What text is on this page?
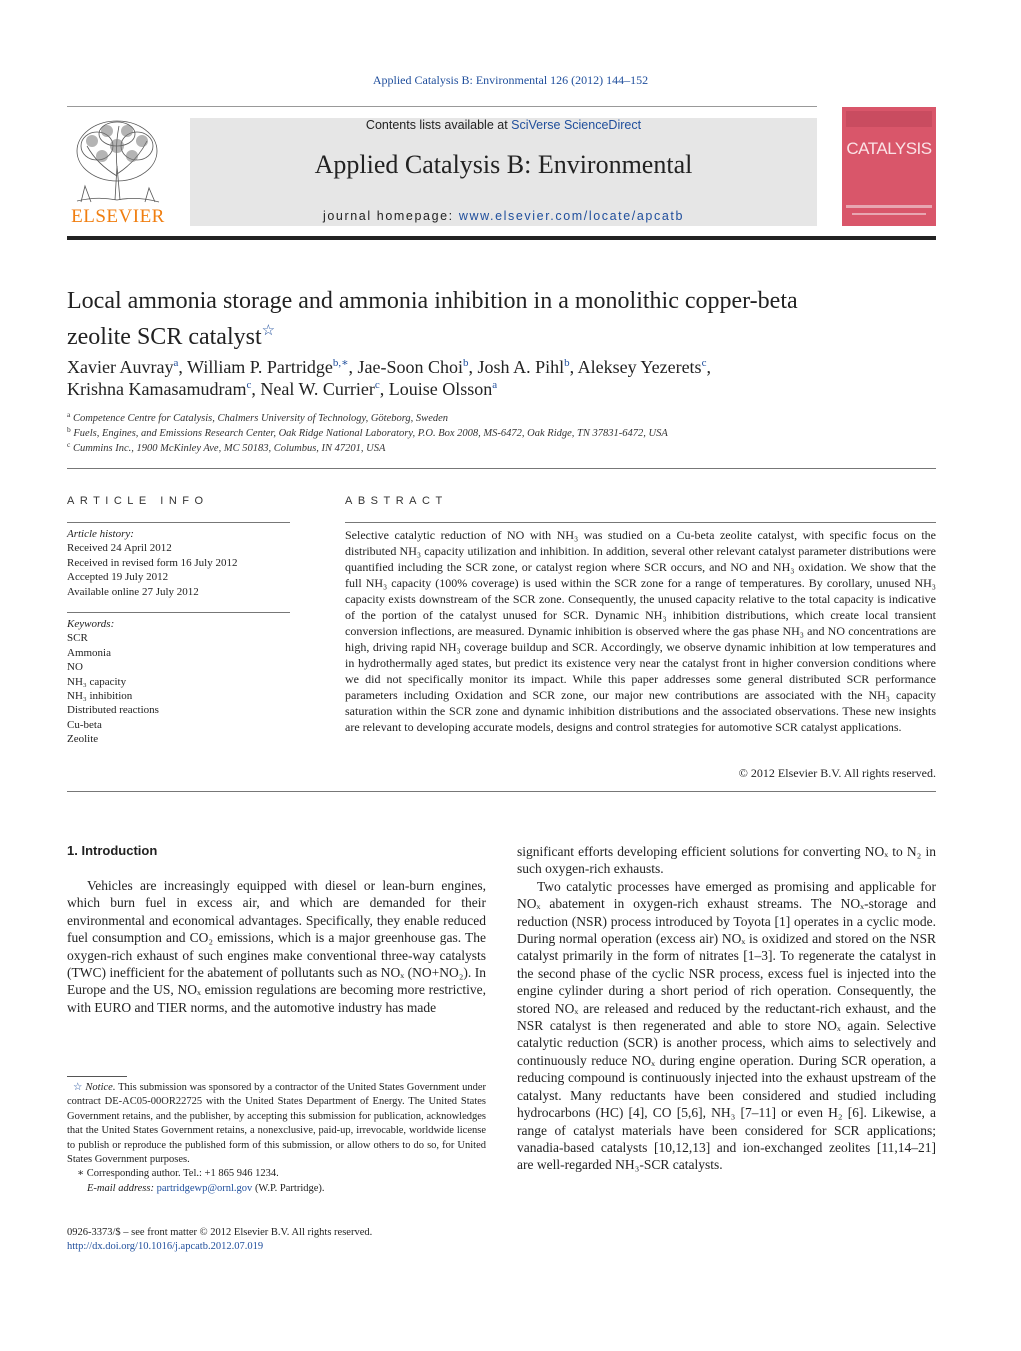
Applied Catalysis B: Environmental 126 (2012) 144–152
ELSEVIER
Contents lists available at SciVerse ScienceDirect
Applied Catalysis B: Environmental
journal homepage: www.elsevier.com/locate/apcatb
CATALYSIS
Local ammonia storage and ammonia inhibition in a monolithic copper-beta
zeolite SCR catalyst☆
Xavier Auvray$^a$, William P. Partridge$^{b,∗}$, Jae-Soon Choi$^b$, Josh A. Pihl$^b$, Aleksey Yezerets$^c$,
Krishna Kamasamudram$^c$, Neal W. Currier$^c$, Louise Olsson$^a$
$^a$ Competence Centre for Catalysis, Chalmers University of Technology, Göteborg, Sweden
$^b$ Fuels, Engines, and Emissions Research Center, Oak Ridge National Laboratory, P.O. Box 2008, MS-6472, Oak Ridge, TN 37831-6472, USA
$^c$ Cummins Inc., 1900 McKinley Ave, MC 50183, Columbus, IN 47201, USA
ARTICLE INFO	ABSTRACT
Article history:
Received 24 April 2012
Received in revised form 16 July 2012
Accepted 19 July 2012
Available online 27 July 2012
Keywords:
SCR
Ammonia
NO
NH₃ capacity
NH₃ inhibition
Distributed reactions
Cu-beta
Zeolite
Selective catalytic reduction of NO with NH₃ was studied on a Cu-beta zeolite catalyst, with specific focus on the distributed NH₃ capacity utilization and inhibition. In addition, several other relevant catalyst parameter distributions were quantified including the SCR zone, or catalyst region where SCR occurs, and NO and NH₃ oxidation. We show that the full NH₃ capacity (100% coverage) is used within the SCR zone for a range of temperatures. By corollary, unused NH₃ capacity exists downstream of the SCR zone. Consequently, the unused capacity relative to the total capacity is indicative of the portion of the catalyst unused for SCR. Dynamic NH₃ inhibition distributions, which create local transient conversion inflections, are measured. Dynamic inhibition is observed where the gas phase NH₃ and NO concentrations are high, driving rapid NH₃ coverage buildup and SCR. Accordingly, we observe dynamic inhibition at low temperatures and in hydrothermally aged states, but predict its existence very near the catalyst front in higher conversion conditions where we did not specifically monitor its impact. While this paper addresses some general distributed SCR performance parameters including Oxidation and SCR zone, our major new contributions are associated with the NH₃ capacity saturation within the SCR zone and dynamic inhibition distributions and the associated observations. These new insights are relevant to developing accurate models, designs and control strategies for automotive SCR catalyst applications.
© 2012 Elsevier B.V. All rights reserved.
1. Introduction

Vehicles are increasingly equipped with diesel or lean-burn engines, which burn fuel in excess air, and which are demanded for their environmental and economical advantages. Specifically, they enable reduced fuel consumption and CO₂ emissions, which is a major greenhouse gas. The oxygen-rich exhaust of such engines make conventional three-way catalysts (TWC) inefficient for the abatement of pollutants such as NOₓ (NO+NO₂). In Europe and the US, NOₓ emission regulations are becoming more restrictive, with EURO and TIER norms, and the automotive industry has made

significant efforts developing efficient solutions for converting NOₓ to N₂ in such oxygen-rich exhausts.

Two catalytic processes have emerged as promising and applicable for NOₓ abatement in oxygen-rich exhaust streams. The NOₓ-storage and reduction (NSR) process introduced by Toyota [1] operates in a cyclic mode. During normal operation (excess air) NOₓ is oxidized and stored on the NSR catalyst primarily in the form of nitrates [1–3]. To regenerate the catalyst in the second phase of the cyclic NSR process, excess fuel is injected into the engine cylinder during a short period of rich operation. Consequently, the stored NOₓ are released and reduced by the reductant-rich exhaust, and the NSR catalyst is then regenerated and able to store NOₓ again. Selective catalytic reduction (SCR) is another process, which aims to selectively and continuously reduce NOₓ during engine operation. During SCR operation, a reducing compound is continuously injected into the exhaust upstream of the catalyst. Many reductants have been considered and studied including hydrocarbons (HC) [4], CO [5,6], NH₃ [7–11] or even H₂ [6]. Likewise, a range of catalyst materials have been considered for SCR applications; vanadia-based catalysts [10,12,13] and ion-exchanged zeolites [11,14–21] are well-regarded NH₃-SCR catalysts.

☆ Notice. This submission was sponsored by a contractor of the United States Government under contract DE-AC05-00OR22725 with the United States Department of Energy. The United States Government retains, and the publisher, by accepting this submission for publication, acknowledges that the United States Government retains, a nonexclusive, paid-up, irrevocable, worldwide license to publish or reproduce the published form of this submission, or allow others to do so, for United States Government purposes.

∗ Corresponding author. Tel.: +1 865 946 1234.

E-mail address: partridgewp@ornl.gov (W.P. Partridge).

0926-3373/$ – see front matter © 2012 Elsevier B.V. All rights reserved.
http://dx.doi.org/10.1016/j.apcatb.2012.07.019
